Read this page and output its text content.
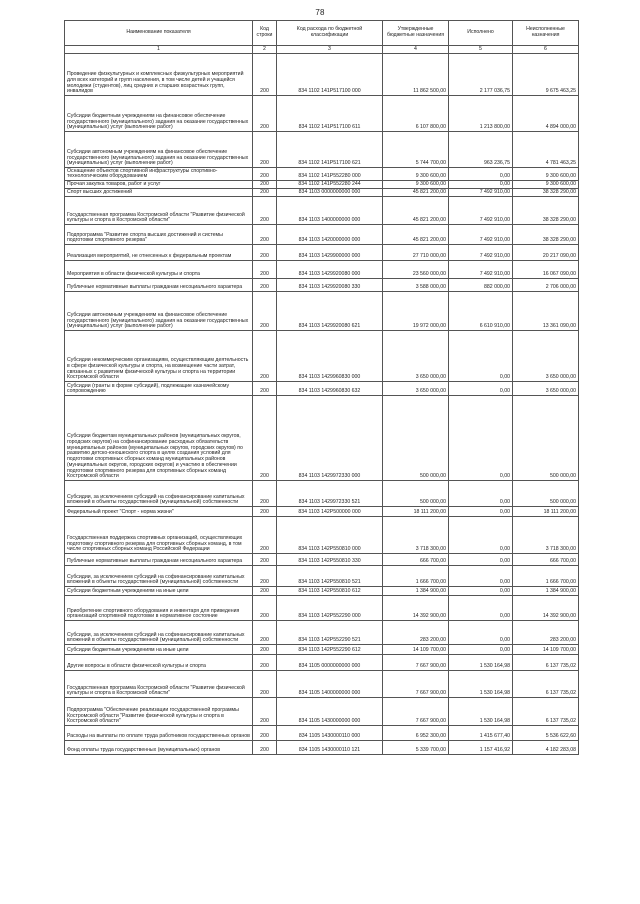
78
Наименование показателя	Код строки	Код расхода по бюджетной классификации	Утвержденные бюджетные назначения	Исполнено	Неисполненные назначения
1	2	3	4	5	6
Проведение физкультурных и комплексных физкультурных мероприятий для всех категорий и групп населения, в том числе детей и учащейся молодежи (студентов), лиц средних и старших возрастных групп, инвалидов	200	834 1102 141P517100 000	11 862 500,00	2 177 036,75	9 675 463,25
Субсидии бюджетным учреждениям на финансовое обеспечение государственного (муниципального) задания на оказание государственных (муниципальных) услуг (выполнение работ)	200	834 1102 141P517100 611	6 107 800,00	1 213 800,00	4 894 000,00
Субсидии автономным учреждениям на финансовое обеспечение государственного (муниципального) задания на оказание государственных (муниципальных) услуг (выполнение работ)	200	834 1102 141P517100 621	5 744 700,00	963 236,75	4 781 463,25
Оснащение объектов спортивной инфраструктуры спортивно-технологическим оборудованием	200	834 1102 141P552280 000	9 300 600,00	0,00	9 300 600,00
Прочая закупка товаров, работ и услуг	200	834 1102 141P552280 244	9 300 600,00	0,00	9 300 600,00
Спорт высших достижений	200	834 1103 0000000000 000	45 821 200,00	7 492 910,00	38 328 290,00
Государственная программа Костромской области "Развитие физической культуры и спорта в Костромской области"	200	834 1103 1400000000 000	45 821 200,00	7 492 910,00	38 328 290,00
Подпрограмма "Развитие спорта высших достижений и системы подготовки спортивного резерва"	200	834 1103 1420000000 000	45 821 200,00	7 492 910,00	38 328 290,00
Реализация мероприятий, не отнесенных к федеральным проектам	200	834 1103 1429900000 000	27 710 000,00	7 492 910,00	20 217 090,00
Мероприятия в области физической культуры и спорта	200	834 1103 1429920080 000	23 560 000,00	7 492 910,00	16 067 090,00
Публичные нормативные выплаты гражданам несоциального характера	200	834 1103 1429920080 330	3 588 000,00	882 000,00	2 706 000,00
Субсидии автономным учреждениям на финансовое обеспечение государственного (муниципального) задания на оказание государственных (муниципальных) услуг (выполнение работ)	200	834 1103 1429920080 621	19 972 000,00	6 610 910,00	13 361 090,00
Субсидии некоммерческим организациям, осуществляющим деятельность в сфере физической культуры и спорта, на возмещение части затрат, связанных с развитием физической культуры и спорта на территории Костромской области	200	834 1103 1429960830 000	3 650 000,00	0,00	3 650 000,00
Субсидии (гранты в форме субсидий), подлежащие казначейскому сопровождению	200	834 1103 1429960830 632	3 650 000,00	0,00	3 650 000,00
Субсидии бюджетам муниципальных районов (муниципальных округов, городских округов) на софинансирование расходных обязательств муниципальных районов (муниципальных округов, городских округов) по развитию детско-юношеского спорта в целях создания условий для подготовки спортивных сборных команд муниципальных районов (муниципальных округов, городских округов) и участию в обеспечении подготовки спортивного резерва для спортивных сборных команд Костромской области	200	834 1103 1429972330 000	500 000,00	0,00	500 000,00
Субсидии, за исключением субсидий на софинансирование капитальных вложений в объекты государственной (муниципальной) собственности	200	834 1103 1429972330 521	500 000,00	0,00	500 000,00
Федеральный проект "Спорт - норма жизни"	200	834 1103 142P500000 000	18 111 200,00	0,00	18 111 200,00
Государственная поддержка спортивных организаций, осуществляющих подготовку спортивного резерва для спортивных сборных команд, в том числе спортивных сборных команд Российской Федерации	200	834 1103 142P550810 000	3 718 300,00	0,00	3 718 300,00
Публичные нормативные выплаты гражданам несоциального характера	200	834 1103 142P550810 330	666 700,00	0,00	666 700,00
Субсидии, за исключением субсидий на софинансирование капитальных вложений в объекты государственной (муниципальной) собственности	200	834 1103 142P550810 521	1 666 700,00	0,00	1 666 700,00
Субсидии бюджетным учреждениям на иные цели	200	834 1103 142P550810 612	1 384 900,00	0,00	1 384 900,00
Приобретение спортивного оборудования и инвентаря для приведения организаций спортивной подготовки в нормативное состояние	200	834 1103 142P552290 000	14 392 900,00	0,00	14 392 900,00
Субсидии, за исключением субсидий на софинансирование капитальных вложений в объекты государственной (муниципальной) собственности	200	834 1103 142P552290 521	283 200,00	0,00	283 200,00
Субсидии бюджетным учреждениям на иные цели	200	834 1103 142P552290 612	14 109 700,00	0,00	14 109 700,00
Другие вопросы в области физической культуры и спорта	200	834 1105 0000000000 000	7 667 900,00	1 530 164,98	6 137 735,02
Государственная программа Костромской области "Развитие физической культуры и спорта в Костромской области"	200	834 1105 1400000000 000	7 667 900,00	1 530 164,98	6 137 735,02
Подпрограмма "Обеспечение реализации государственной программы Костромской области "Развитие физической культуры и спорта в Костромской области"	200	834 1105 1430000000 000	7 667 900,00	1 530 164,98	6 137 735,02
Расходы на выплаты по оплате труда работников государственных органов	200	834 1105 1430000110 000	6 952 300,00	1 415 677,40	5 536 622,60
Фонд оплаты труда государственных (муниципальных) органов	200	834 1105 1430000110 121	5 339 700,00	1 157 416,92	4 182 283,08
